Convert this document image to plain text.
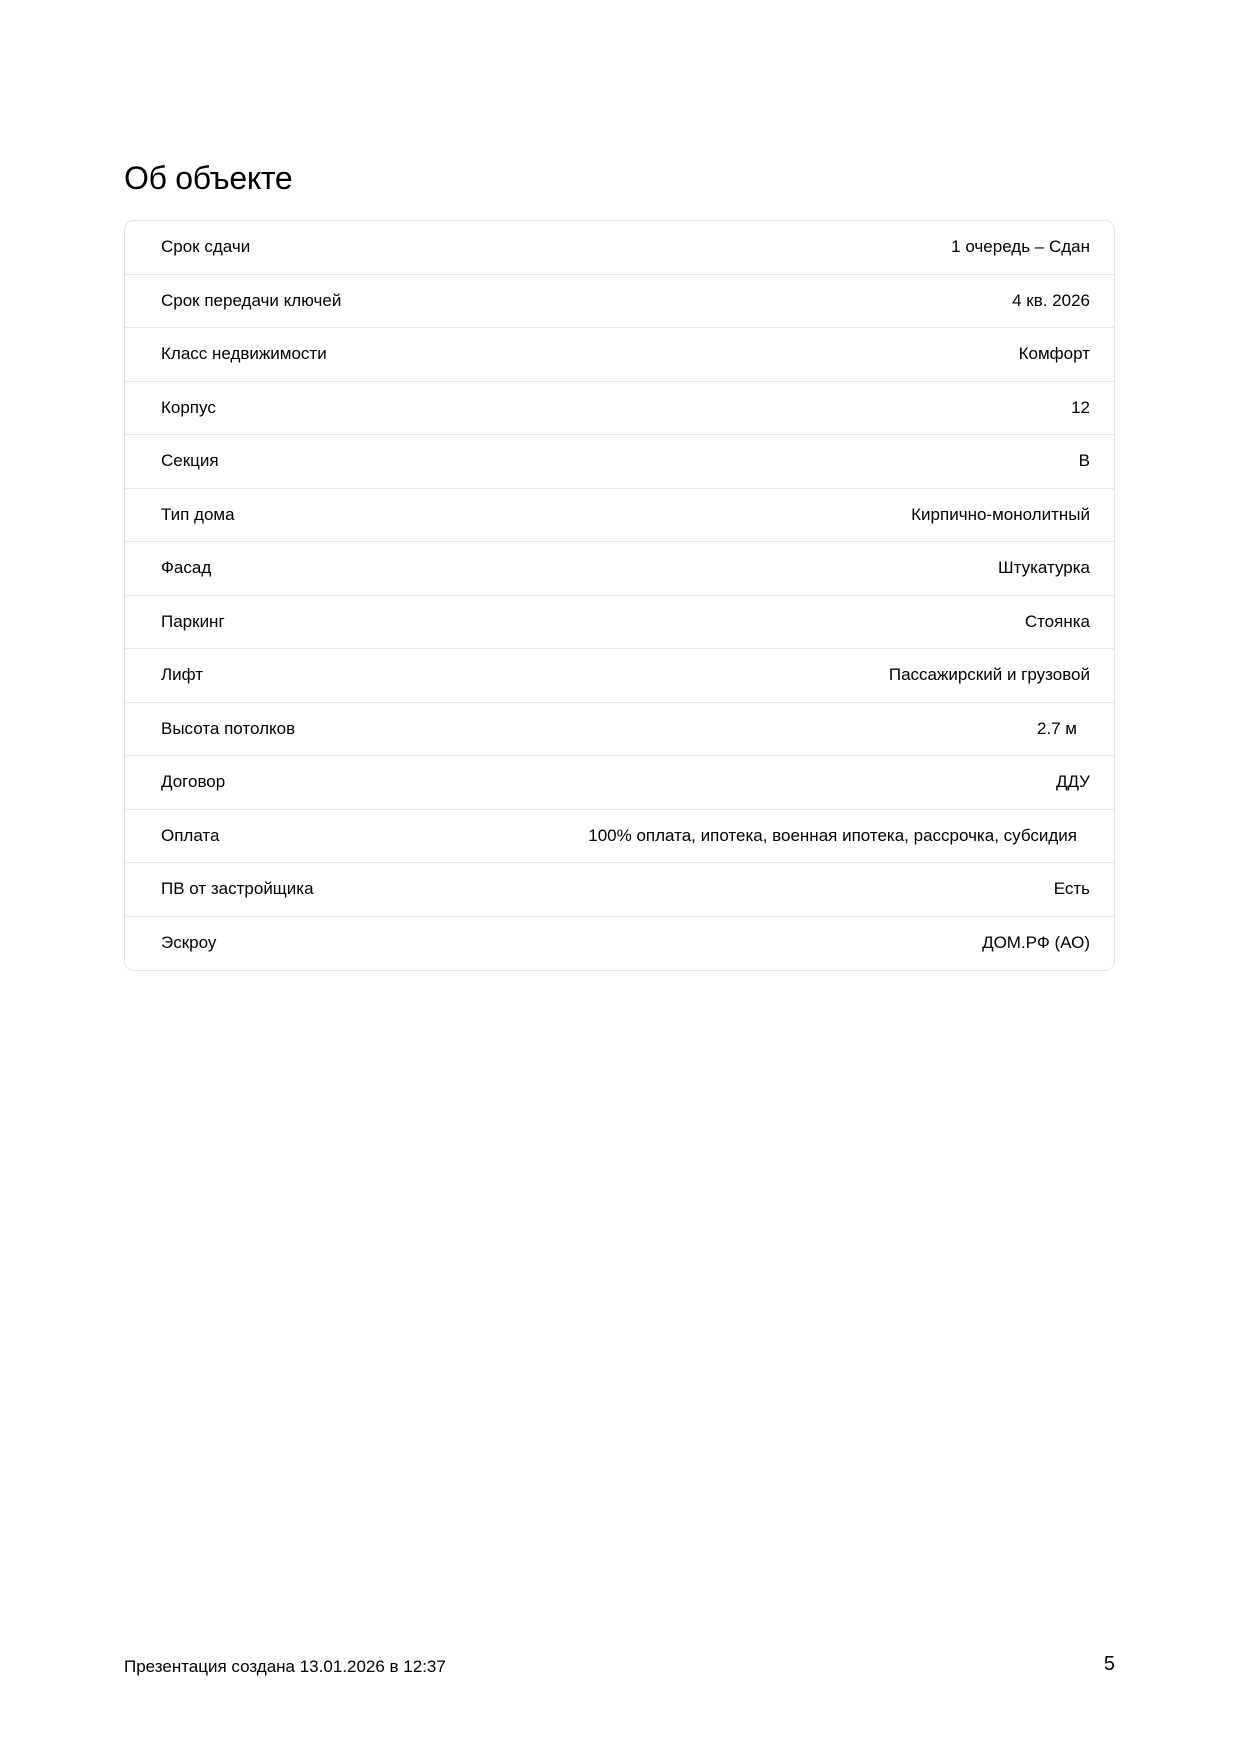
Об объекте
Срок сдачи	1 очередь – Сдан
Срок передачи ключей	4 кв. 2026
Класс недвижимости	Комфорт
Корпус	12
Секция	В
Тип дома	Кирпично-монолитный
Фасад	Штукатурка
Паркинг	Стоянка
Лифт	Пассажирский и грузовой
Высота потолков	2.7 м
Договор	ДДУ
Оплата	100% оплата, ипотека, военная ипотека, рассрочка, субсидия
ПВ от застройщика	Есть
Эскроу	ДОМ.РФ (АО)
Презентация создана 13.01.2026 в 12:37	5
